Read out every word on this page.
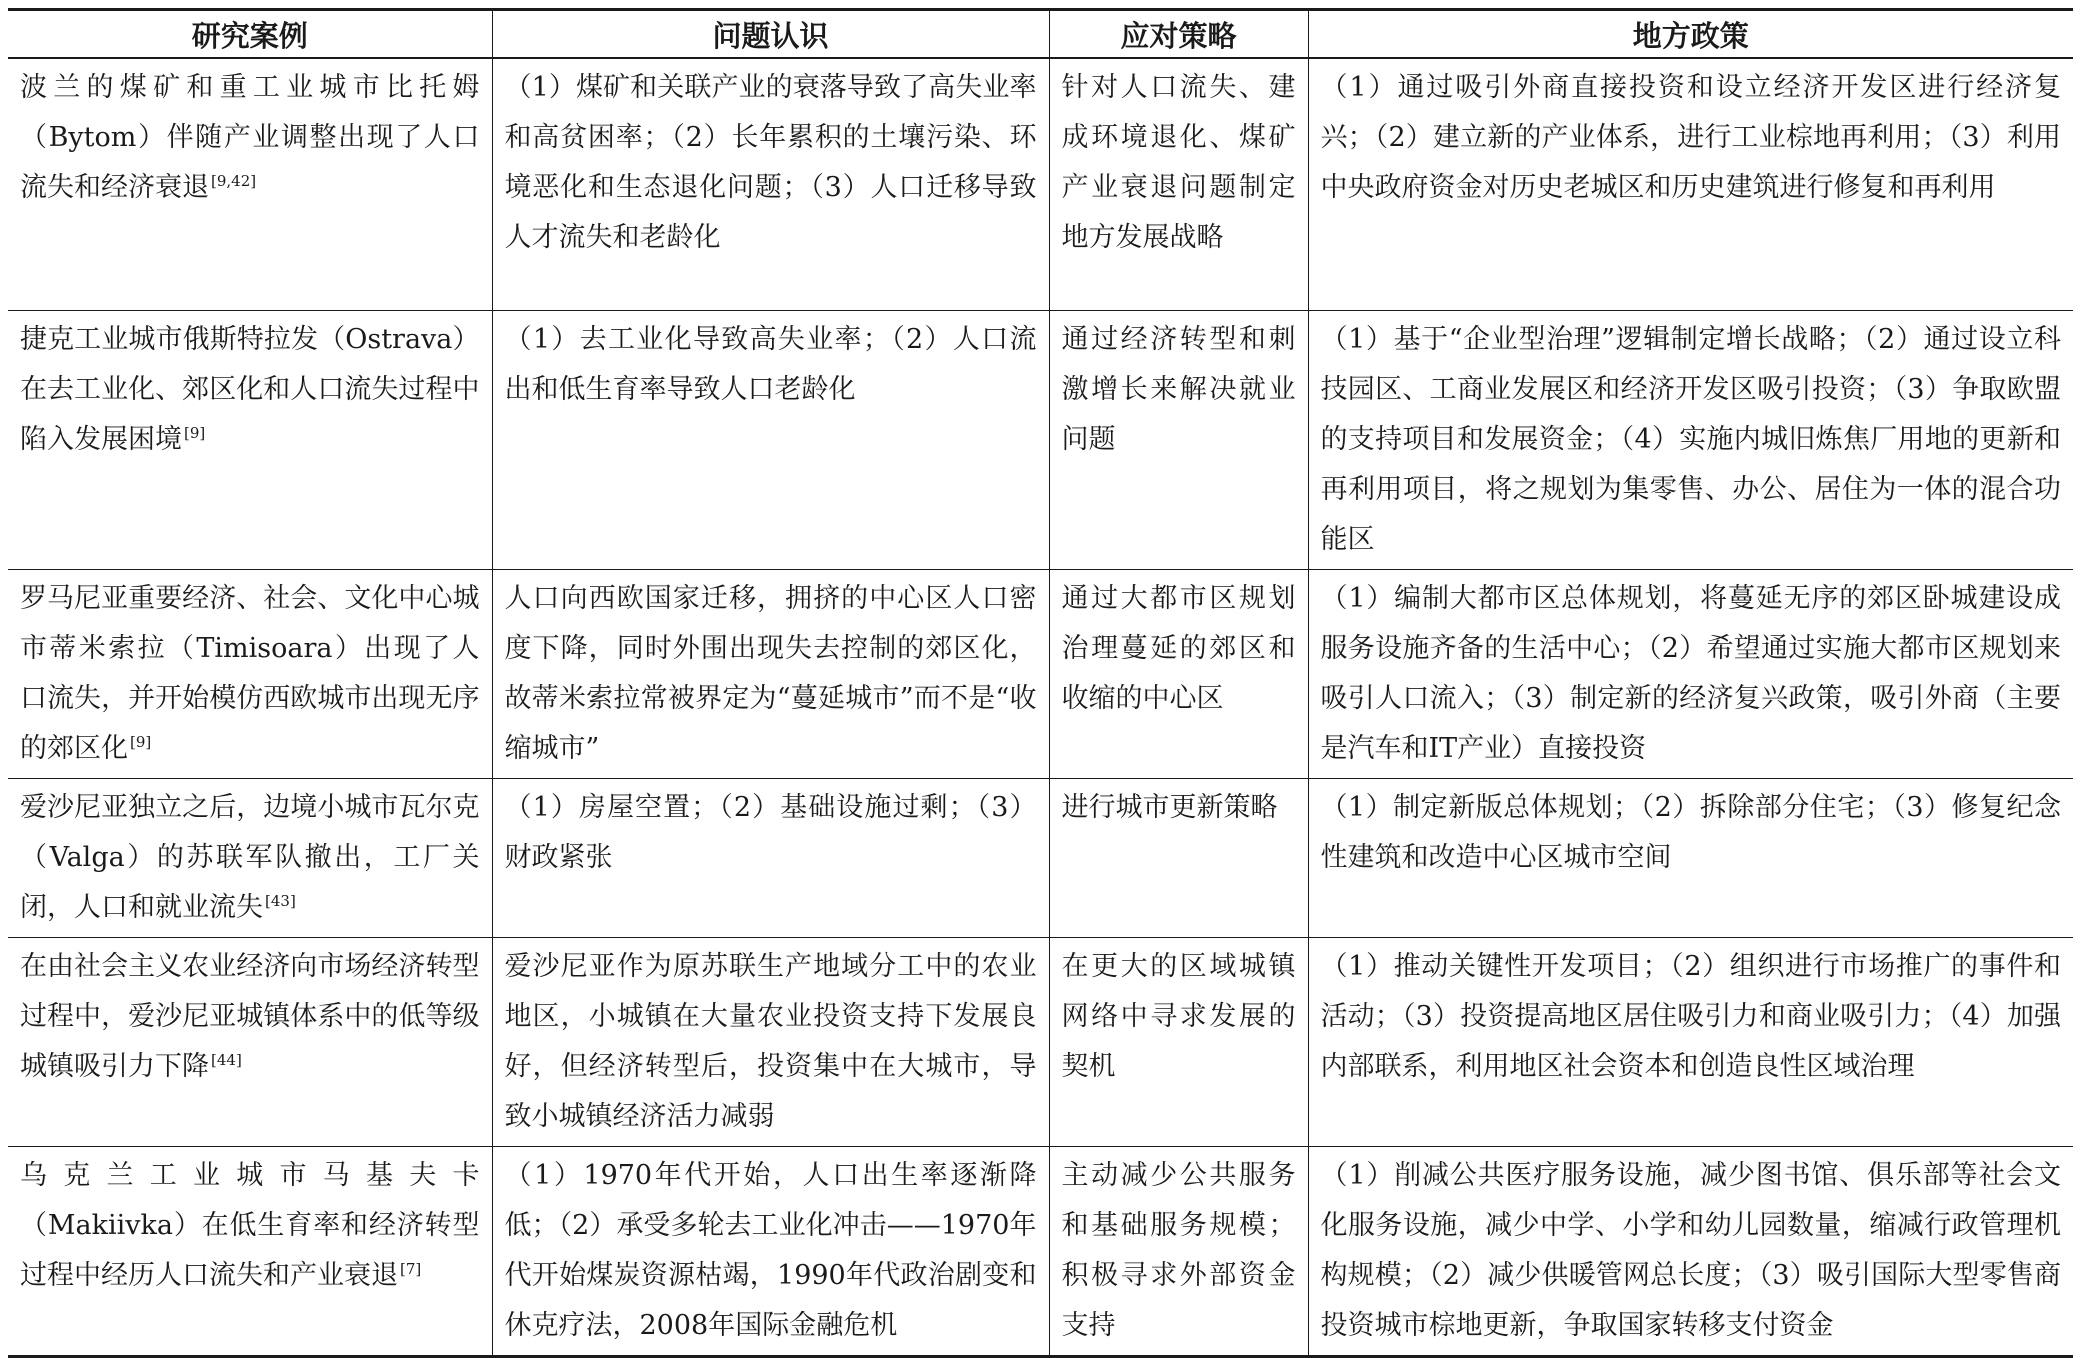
研究案例	问题认识	应对策略	地方政策
波兰的煤矿和重工业城市比托姆（Bytom）伴随产业调整出现了人口流失和经济衰退 [9,42]	（1）煤矿和关联产业的衰落导致了高失业率和高贫困率；（2）长年累积的土壤污染、环境恶化和生态退化问题；（3）人口迁移导致人才流失和老龄化	针对人口流失、建成环境退化、煤矿产业衰退问题制定地方发展战略	（1）通过吸引外商直接投资和设立经济开发区进行经济复兴；（2）建立新的产业体系，进行工业棕地再利用；（3）利用中央政府资金对历史老城区和历史建筑进行修复和再利用
捷克工业城市俄斯特拉发（Ostrava）在去工业化、郊区化和人口流失过程中陷入发展困境 [9]	（1）去工业化导致高失业率；（2）人口流出和低生育率导致人口老龄化	通过经济转型和刺激增长来解决就业问题	（1）基于“企业型治理”逻辑制定增长战略；（2）通过设立科技园区、工商业发展区和经济开发区吸引投资；（3）争取欧盟的支持项目和发展资金；（4）实施内城旧炼焦厂用地的更新和再利用项目，将之规划为集零售、办公、居住为一体的混合功能区
罗马尼亚重要经济、社会、文化中心城市蒂米索拉（Timisoara）出现了人口流失，并开始模仿西欧城市出现无序的郊区化 [9]	人口向西欧国家迁移，拥挤的中心区人口密度下降，同时外围出现失去控制的郊区化，故蒂米索拉常被界定为“蔓延城市”而不是“收缩城市”	通过大都市区规划治理蔓延的郊区和收缩的中心区	（1）编制大都市区总体规划，将蔓延无序的郊区卧城建设成服务设施齐备的生活中心；（2）希望通过实施大都市区规划来吸引人口流入；（3）制定新的经济复兴政策，吸引外商（主要是汽车和IT产业）直接投资
爱沙尼亚独立之后，边境小城市瓦尔克（Valga）的苏联军队撤出，工厂关闭，人口和就业流失 [43]	（1）房屋空置；（2）基础设施过剩；（3）财政紧张	进行城市更新策略	（1）制定新版总体规划；（2）拆除部分住宅；（3）修复纪念性建筑和改造中心区城市空间
在由社会主义农业经济向市场经济转型过程中，爱沙尼亚城镇体系中的低等级城镇吸引力下降 [44]	爱沙尼亚作为原苏联生产地域分工中的农业地区，小城镇在大量农业投资支持下发展良好，但经济转型后，投资集中在大城市，导致小城镇经济活力减弱	在更大的区域城镇网络中寻求发展的契机	（1）推动关键性开发项目；（2）组织进行市场推广的事件和活动；（3）投资提高地区居住吸引力和商业吸引力；（4）加强内部联系，利用地区社会资本和创造良性区域治理
乌克兰工业城市马基夫卡（Makiivka）在低生育率和经济转型过程中经历人口流失和产业衰退 [7]	（1）1970年代开始，人口出生率逐渐降低；（2）承受多轮去工业化冲击——1970年代开始煤炭资源枯竭，1990年代政治剧变和休克疗法，2008年国际金融危机	主动减少公共服务和基础服务规模；积极寻求外部资金支持	（1）削减公共医疗服务设施，减少图书馆、俱乐部等社会文化服务设施，减少中学、小学和幼儿园数量，缩减行政管理机构规模；（2）减少供暖管网总长度；（3）吸引国际大型零售商投资城市棕地更新，争取国家转移支付资金
